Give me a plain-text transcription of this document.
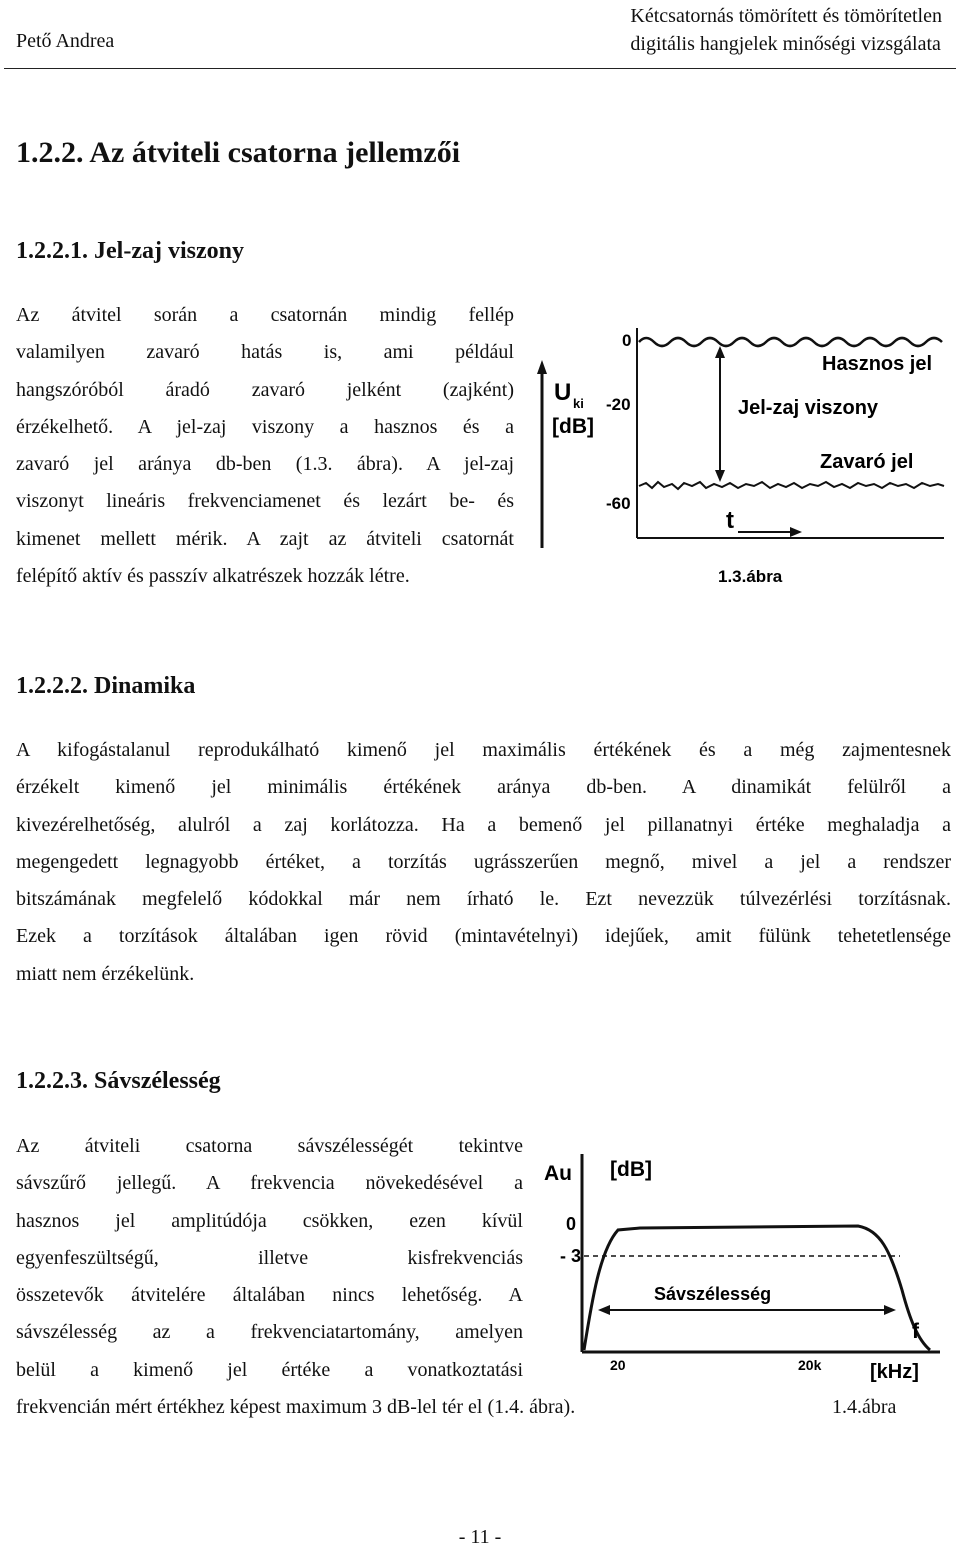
Pető Andrea
Kétcsatornás tömörített és tömörítetlen
digitális hangjelek minőségi vizsgálata
1.2.2. Az átviteli csatorna jellemzői
1.2.2.1. Jel-zaj viszony
Az átvitel során a csatornán mindig fellép
valamilyen zavaró hatás is, ami például
hangszóróból áradó zavaró jelként (zajként)
érzékelhető. A jel-zaj viszony a hasznos és a
zavaró jel aránya db-ben (1.3. ábra). A jel-zaj
viszonyt lineáris frekvenciamenet és lezárt be- és
kimenet mellett mérik. A zajt az átviteli csatornát
felépítő aktív és passzív alkatrészek hozzák létre.
U ki
[dB]
0
-20
-60
Hasznos jel
Jel-zaj viszony
Zavaró jel
t
1.3.ábra
1.2.2.2. Dinamika
A kifogástalanul reprodukálható kimenő jel maximális értékének és a még zajmentesnek
érzékelt kimenő jel minimális értékének aránya db-ben. A dinamikát felülről a
kivezérelhetőség, alulról a zaj korlátozza. Ha a bemenő jel pillanatnyi értéke meghaladja a
megengedett legnagyobb értéket, a torzítás ugrásszerűen megnő, mivel a jel a rendszer
bitszámának megfelelő kódokkal már nem írható le. Ezt nevezzük túlvezérlési torzításnak.
Ezek a torzítások általában igen rövid (mintavételnyi) idejűek, amit fülünk tehetetlensége
miatt nem érzékelünk.
1.2.2.3. Sávszélesség
Az átviteli csatorna sávszélességét tekintve
sávszűrő jellegű. A frekvencia növekedésével a
hasznos jel amplitúdója csökken, ezen kívül
egyenfeszültségű, illetve kisfrekvenciás
összetevők átvitelére általában nincs lehetőség. A
sávszélesség az a frekvenciatartomány, amelyen
belül a kimenő jel értéke a vonatkoztatási
frekvencián mért értékhez képest maximum 3 dB-lel tér el (1.4. ábra).	1.4.ábra
Au [dB]
0
- 3
Sávszélesség
f
20	20k [kHz]
- 11 -
